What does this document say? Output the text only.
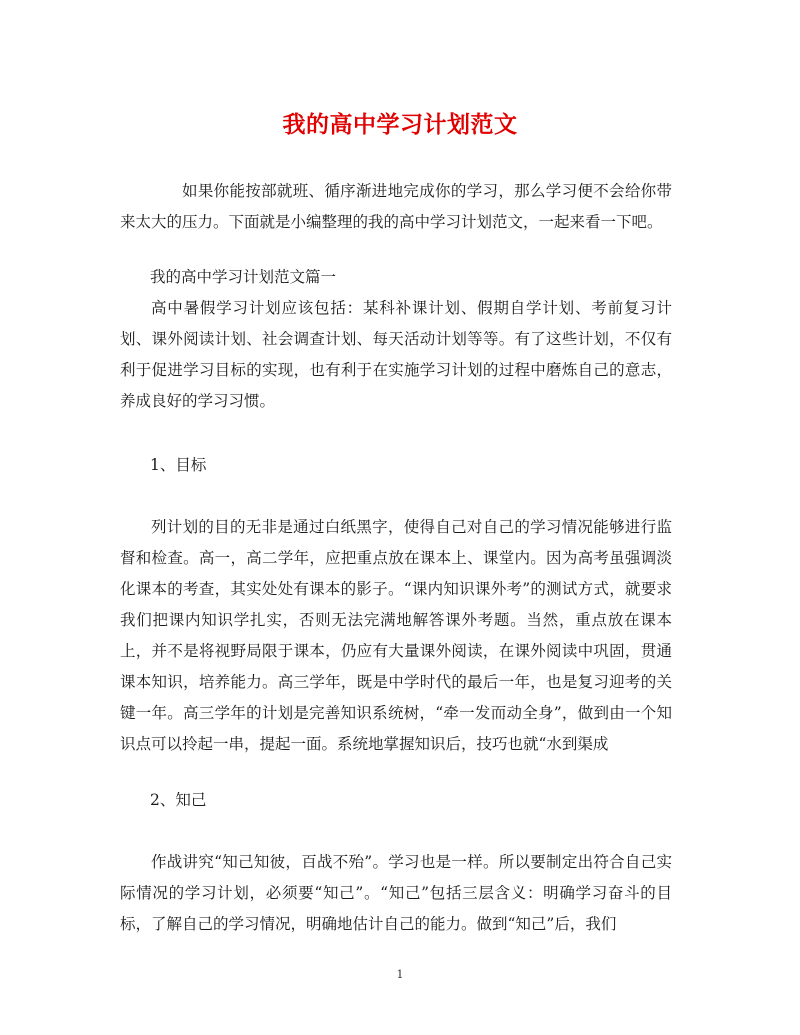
我的高中学习计划范文
如果你能按部就班、循序渐进地完成你的学习，那么学习便不会给你带来太大的压力。下面就是小编整理的我的高中学习计划范文，一起来看一下吧。
我的高中学习计划范文篇一
高中暑假学习计划应该包括：某科补课计划、假期自学计划、考前复习计划、课外阅读计划、社会调查计划、每天活动计划等等。有了这些计划，不仅有利于促进学习目标的实现，也有利于在实施学习计划的过程中磨炼自己的意志，养成良好的学习习惯。
1、目标
列计划的目的无非是通过白纸黑字，使得自己对自己的学习情况能够进行监督和检查。高一，高二学年，应把重点放在课本上、课堂内。因为高考虽强调淡化课本的考查，其实处处有课本的影子。“课内知识课外考”的测试方式，就要求我们把课内知识学扎实，否则无法完满地解答课外考题。当然，重点放在课本上，并不是将视野局限于课本，仍应有大量课外阅读，在课外阅读中巩固，贯通课本知识，培养能力。高三学年，既是中学时代的最后一年，也是复习迎考的关键一年。高三学年的计划是完善知识系统树，“牵一发而动全身”，做到由一个知识点可以拎起一串，提起一面。系统地掌握知识后，技巧也就“水到渠成
2、知己
作战讲究“知己知彼，百战不殆”。学习也是一样。所以要制定出符合自己实际情况的学习计划，必须要“知己”。“知己”包括三层含义：明确学习奋斗的目标，了解自己的学习情况，明确地估计自己的能力。做到“知己”后，我们
1
